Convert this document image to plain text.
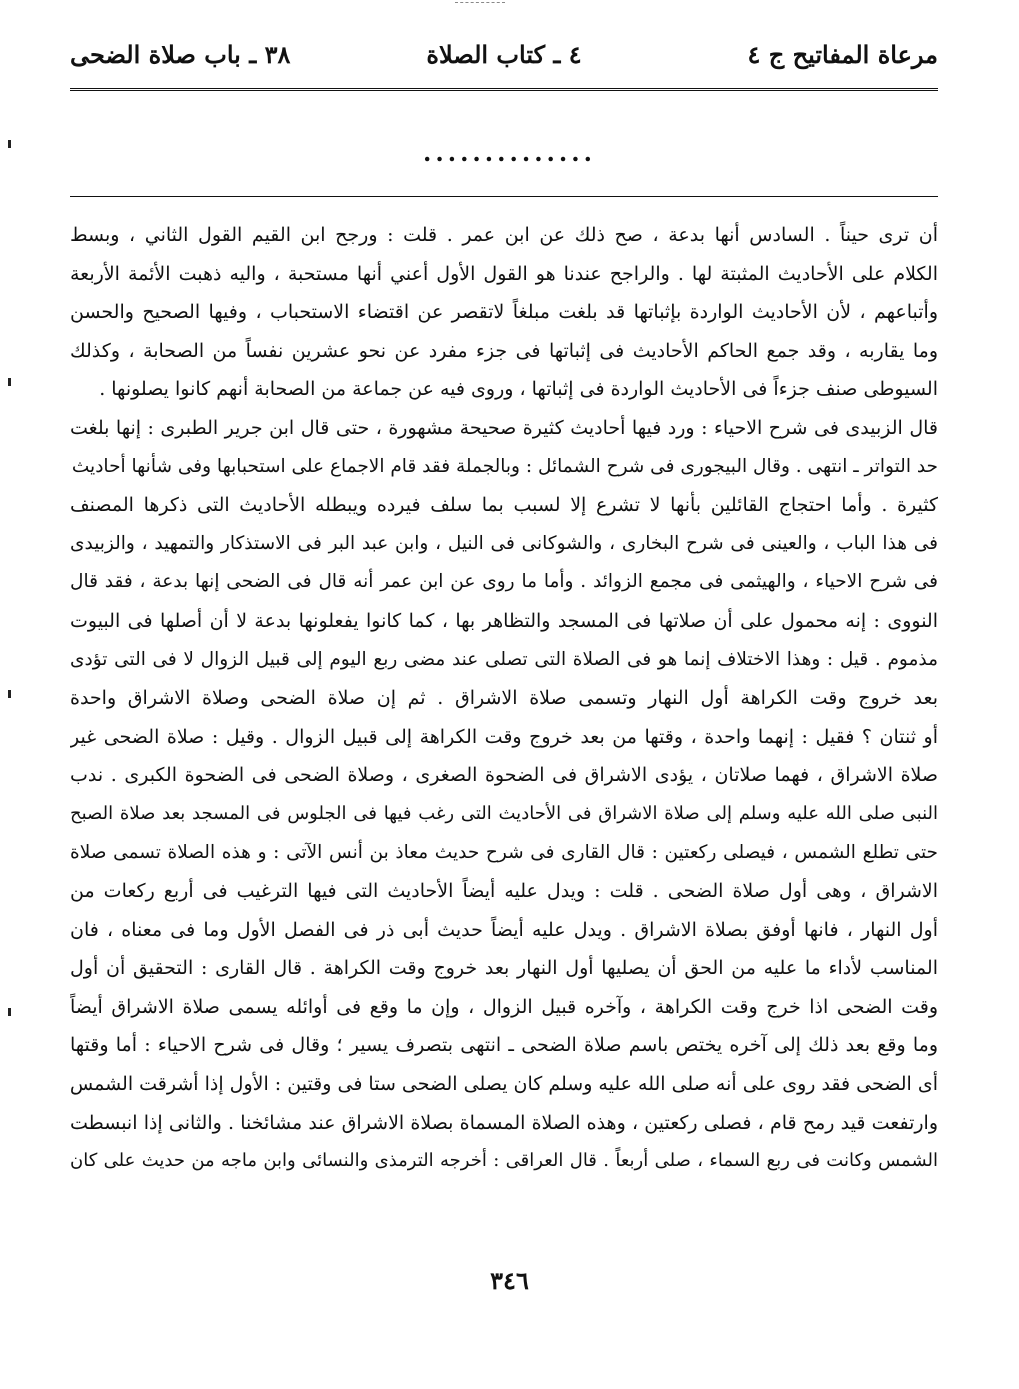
مرعاة المفاتيح ج ٤
٤ ـ كتاب الصلاة
٣٨ ـ باب صلاة الضحى
..............
أن ترى حيناً . السادس أنها بدعة ، صح ذلك عن ابن عمر . قلت : ورجح ابن القيم القول الثاني ، وبسط
الكلام على الأحاديث المثبتة لها . والراجح عندنا هو القول الأول أعني أنها مستحبة ، واليه ذهبت الأئمة الأربعة
وأتباعهم ، لأن الأحاديث الواردة بإثباتها قد بلغت مبلغاً لاتقصر عن اقتضاء الاستحباب ، وفيها الصحيح والحسن
وما يقاربه ، وقد جمع الحاكم الأحاديث فى إثباتها فى جزء مفرد عن نحو عشرين نفساً من الصحابة ، وكذلك
السيوطى صنف جزءاً فى الأحاديث الواردة فى إثباتها ، وروى فيه عن جماعة من الصحابة أنهم كانوا يصلونها .
قال الزبيدى فى شرح الاحياء : ورد فيها أحاديث كثيرة صحيحة مشهورة ، حتى قال ابن جرير الطبرى : إنها بلغت
حد التواتر ـ انتهى . وقال البيجورى فى شرح الشمائل : وبالجملة فقد قام الاجماع على استحبابها وفى شأنها أحاديث
كثيرة . وأما احتجاج القائلين بأنها لا تشرع إلا لسبب بما سلف فيرده ويبطله الأحاديث التى ذكرها المصنف
فى هذا الباب ، والعينى فى شرح البخارى ، والشوكانى فى النيل ، وابن عبد البر فى الاستذكار والتمهيد ، والزبيدى
فى شرح الاحياء ، والهيثمى فى مجمع الزوائد . وأما ما روى عن ابن عمر أنه قال فى الضحى إنها بدعة ، فقد قال
النووى : إنه محمول على أن صلاتها فى المسجد والتظاهر بها ، كما كانوا يفعلونها بدعة لا أن أصلها فى البيوت
مذموم . قيل : وهذا الاختلاف إنما هو فى الصلاة التى تصلى عند مضى ربع اليوم إلى قبيل الزوال لا فى التى تؤدى
بعد خروج وقت الكراهة أول النهار وتسمى صلاة الاشراق . ثم إن صلاة الضحى وصلاة الاشراق واحدة
أو ثنتان ؟ فقيل : إنهما واحدة ، وقتها من بعد خروج وقت الكراهة إلى قبيل الزوال . وقيل : صلاة الضحى غير
صلاة الاشراق ، فهما صلاتان ، يؤدى الاشراق فى الضحوة الصغرى ، وصلاة الضحى فى الضحوة الكبرى . ندب
النبى صلى الله عليه وسلم إلى صلاة الاشراق فى الأحاديث التى رغب فيها فى الجلوس فى المسجد بعد صلاة الصبح
حتى تطلع الشمس ، فيصلى ركعتين : قال القارى فى شرح حديث معاذ بن أنس الآتى : و هذه الصلاة تسمى صلاة
الاشراق ، وهى أول صلاة الضحى . قلت : ويدل عليه أيضاً الأحاديث التى فيها الترغيب فى أربع ركعات من
أول النهار ، فانها أوفق بصلاة الاشراق . ويدل عليه أيضاً حديث أبى ذر فى الفصل الأول وما فى معناه ، فان
المناسب لأداء ما عليه من الحق أن يصليها أول النهار بعد خروج وقت الكراهة . قال القارى : التحقيق أن أول
وقت الضحى اذا خرج وقت الكراهة ، وآخره قبيل الزوال ، وإن ما وقع فى أوائله يسمى صلاة الاشراق أيضاً
وما وقع بعد ذلك إلى آخره يختص باسم صلاة الضحى ـ انتهى بتصرف يسير ؛ وقال فى شرح الاحياء : أما وقتها
أى الضحى فقد روى على أنه صلى الله عليه وسلم كان يصلى الضحى ستا فى وقتين : الأول إذا أشرقت الشمس
وارتفعت قيد رمح قام ، فصلى ركعتين ، وهذه الصلاة المسماة بصلاة الاشراق عند مشائخنا . والثانى إذا انبسطت
الشمس وكانت فى ربع السماء ، صلى أربعاً . قال العراقى : أخرجه الترمذى والنسائى وابن ماجه من حديث على كان
٣٤٦
